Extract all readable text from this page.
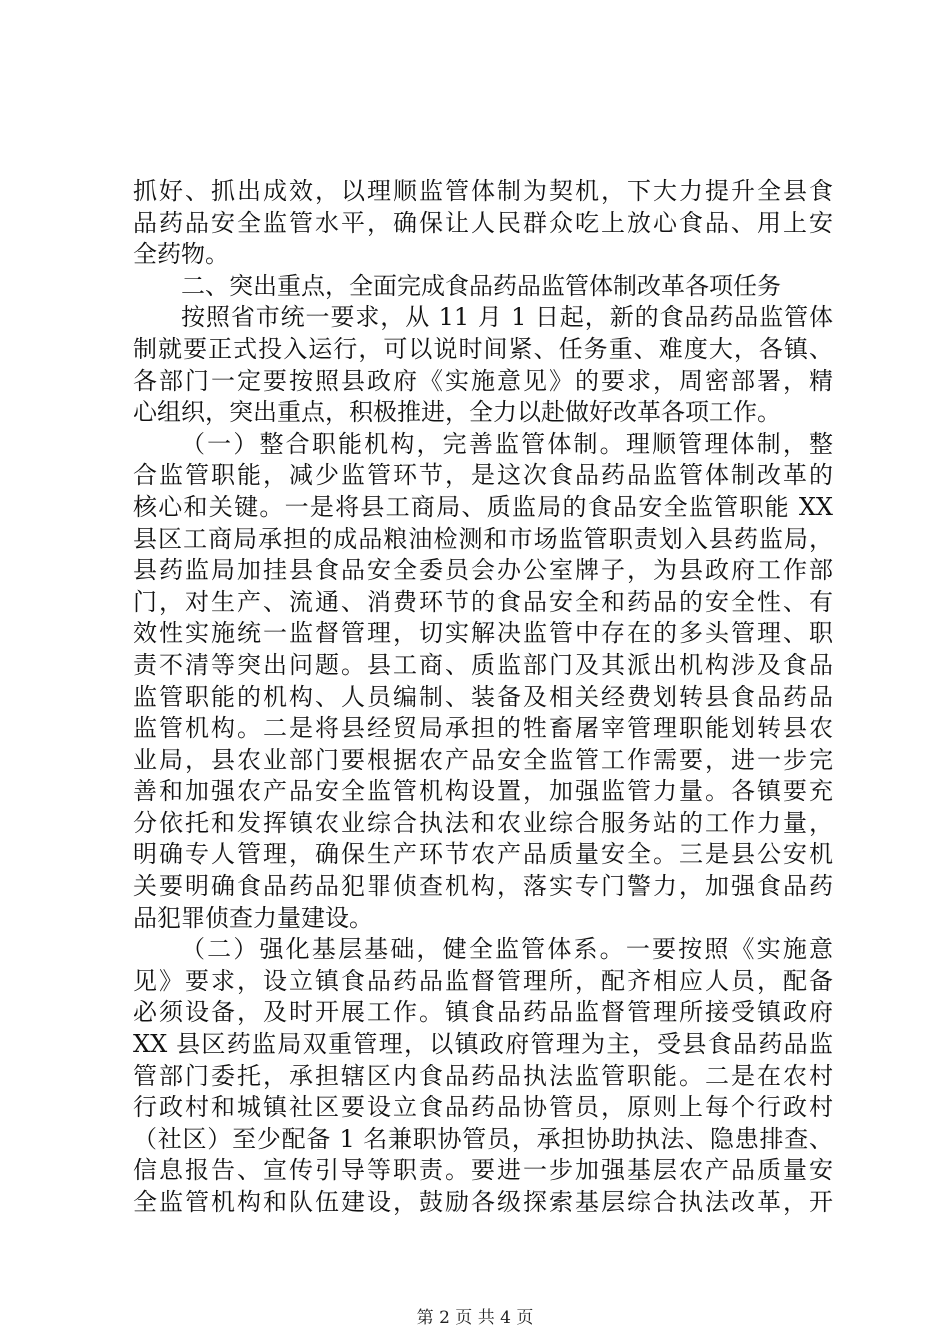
抓好、抓出成效，以理顺监管体制为契机，下大力提升全县食
品药品安全监管水平，确保让人民群众吃上放心食品、用上安
全药物。
二、突出重点，全面完成食品药品监管体制改革各项任务
按照省市统一要求，从 11 月 1 日起，新的食品药品监管体
制就要正式投入运行，可以说时间紧、任务重、难度大，各镇、
各部门一定要按照县政府《实施意见》的要求，周密部署，精
心组织，突出重点，积极推进，全力以赴做好改革各项工作。
（一）整合职能机构，完善监管体制。理顺管理体制，整
合监管职能，减少监管环节，是这次食品药品监管体制改革的
核心和关键。一是将县工商局、质监局的食品安全监管职能 XX
县区工商局承担的成品粮油检测和市场监管职责划入县药监局，
县药监局加挂县食品安全委员会办公室牌子，为县政府工作部
门，对生产、流通、消费环节的食品安全和药品的安全性、有
效性实施统一监督管理，切实解决监管中存在的多头管理、职
责不清等突出问题。县工商、质监部门及其派出机构涉及食品
监管职能的机构、人员编制、装备及相关经费划转县食品药品
监管机构。二是将县经贸局承担的牲畜屠宰管理职能划转县农
业局，县农业部门要根据农产品安全监管工作需要，进一步完
善和加强农产品安全监管机构设置，加强监管力量。各镇要充
分依托和发挥镇农业综合执法和农业综合服务站的工作力量，
明确专人管理，确保生产环节农产品质量安全。三是县公安机
关要明确食品药品犯罪侦查机构，落实专门警力，加强食品药
品犯罪侦查力量建设。
（二）强化基层基础，健全监管体系。一要按照《实施意
见》要求，设立镇食品药品监督管理所，配齐相应人员，配备
必须设备，及时开展工作。镇食品药品监督管理所接受镇政府
XX 县区药监局双重管理，以镇政府管理为主，受县食品药品监
管部门委托，承担辖区内食品药品执法监管职能。二是在农村
行政村和城镇社区要设立食品药品协管员，原则上每个行政村
（社区）至少配备 1 名兼职协管员，承担协助执法、隐患排查、
信息报告、宣传引导等职责。要进一步加强基层农产品质量安
全监管机构和队伍建设，鼓励各级探索基层综合执法改革，开
第 2 页 共 4 页
